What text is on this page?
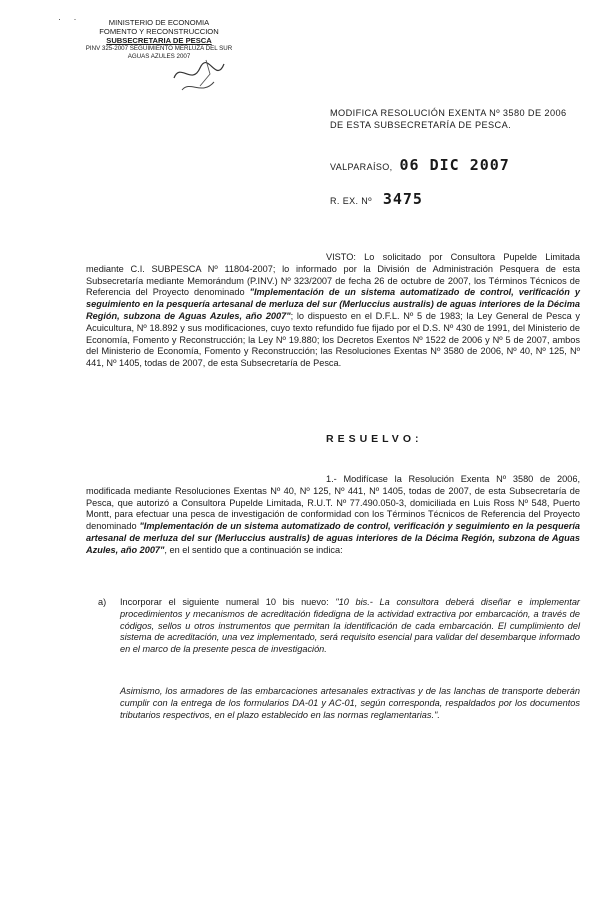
·     ·	MINISTERIO DE ECONOMIA
FOMENTO Y RECONSTRUCCION
SUBSECRETARIA DE PESCA
PINV 325-2007 SEGUIMIENTO MERLUZA DEL SUR
AGUAS AZULES 2007
MODIFICA RESOLUCIÓN EXENTA Nº 3580 DE 2006 DE ESTA SUBSECRETARÍA DE PESCA.
VALPARAÍSO, 06 DIC 2007
R. EX. Nº 3475
VISTO: Lo solicitado por Consultora Pupelde Limitada mediante C.I. SUBPESCA Nº 11804-2007; lo informado por la División de Administración Pesquera de esta Subsecretaría mediante Memorándum (P.INV.) Nº 323/2007 de fecha 26 de octubre de 2007, los Términos Técnicos de Referencia del Proyecto denominado "Implementación de un sistema automatizado de control, verificación y seguimiento en la pesquería artesanal de merluza del sur (Merluccius australis) de aguas interiores de la Décima Región, subzona de Aguas Azules, año 2007"; lo dispuesto en el D.F.L. Nº 5 de 1983; la Ley General de Pesca y Acuicultura, Nº 18.892 y sus modificaciones, cuyo texto refundido fue fijado por el D.S. Nº 430 de 1991, del Ministerio de Economía, Fomento y Reconstrucción; la Ley Nº 19.880; los Decretos Exentos Nº 1522 de 2006 y Nº 5 de 2007, ambos del Ministerio de Economía, Fomento y Reconstrucción; las Resoluciones Exentas Nº 3580 de 2006, Nº 40, Nº 125, Nº 441, Nº 1405, todas de 2007, de esta Subsecretaría de Pesca.
RESUELVO:
1.- Modifícase la Resolución Exenta Nº 3580 de 2006, modificada mediante Resoluciones Exentas Nº 40, Nº 125, Nº 441, Nº 1405, todas de 2007, de esta Subsecretaría de Pesca, que autorizó a Consultora Pupelde Limitada, R.U.T. Nº 77.490.050-3, domiciliada en Luis Ross Nº 548, Puerto Montt, para efectuar una pesca de investigación de conformidad con los Términos Técnicos de Referencia del Proyecto denominado "Implementación de un sistema automatizado de control, verificación y seguimiento en la pesquería artesanal de merluza del sur (Merluccius australis) de aguas interiores de la Décima Región, subzona de Aguas Azules, año 2007", en el sentido que a continuación se indica:
a) Incorporar el siguiente numeral 10 bis nuevo: "10 bis.- La consultora deberá diseñar e implementar procedimientos y mecanismos de acreditación fidedigna de la actividad extractiva por embarcación, a través de códigos, sellos u otros instrumentos que permitan la identificación de cada embarcación. El cumplimiento del sistema de acreditación, una vez implementado, será requisito esencial para validar del desembarque informado en el marco de la presente pesca de investigación.
Asimismo, los armadores de las embarcaciones artesanales extractivas y de las lanchas de transporte deberán cumplir con la entrega de los formularios DA-01 y AC-01, según corresponda, respaldados por los documentos tributarios respectivos, en el plazo establecido en las normas reglamentarias.".
